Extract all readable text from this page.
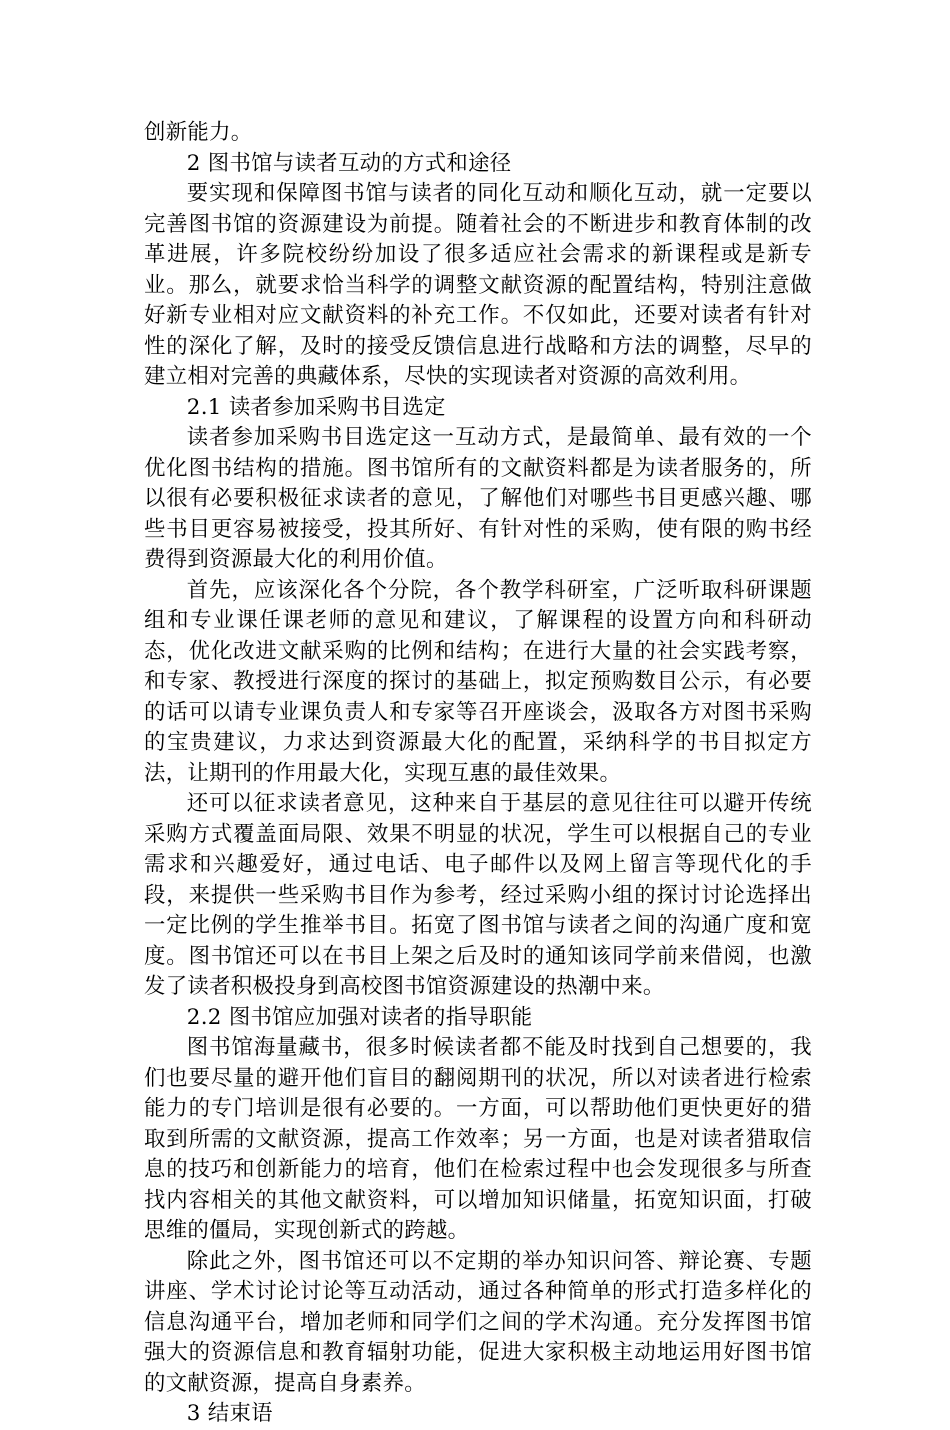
创新能力。

2 图书馆与读者互动的方式和途径

要实现和保障图书馆与读者的同化互动和顺化互动，就一定要以完善图书馆的资源建设为前提。随着社会的不断进步和教育体制的改革进展，许多院校纷纷加设了很多适应社会需求的新课程或是新专业。那么，就要求恰当科学的调整文献资源的配置结构，特别注意做好新专业相对应文献资料的补充工作。不仅如此，还要对读者有针对性的深化了解，及时的接受反馈信息进行战略和方法的调整，尽早的建立相对完善的典藏体系，尽快的实现读者对资源的高效利用。

2.1 读者参加采购书目选定

读者参加采购书目选定这一互动方式，是最简单、最有效的一个优化图书结构的措施。图书馆所有的文献资料都是为读者服务的，所以很有必要积极征求读者的意见，了解他们对哪些书目更感兴趣、哪些书目更容易被接受，投其所好、有针对性的采购，使有限的购书经费得到资源最大化的利用价值。

首先，应该深化各个分院，各个教学科研室，广泛听取科研课题组和专业课任课老师的意见和建议，了解课程的设置方向和科研动态，优化改进文献采购的比例和结构；在进行大量的社会实践考察，和专家、教授进行深度的探讨的基础上，拟定预购数目公示，有必要的话可以请专业课负责人和专家等召开座谈会，汲取各方对图书采购的宝贵建议，力求达到资源最大化的配置，采纳科学的书目拟定方法，让期刊的作用最大化，实现互惠的最佳效果。

还可以征求读者意见，这种来自于基层的意见往往可以避开传统采购方式覆盖面局限、效果不明显的状况，学生可以根据自己的专业需求和兴趣爱好，通过电话、电子邮件以及网上留言等现代化的手段，来提供一些采购书目作为参考，经过采购小组的探讨讨论选择出一定比例的学生推举书目。拓宽了图书馆与读者之间的沟通广度和宽度。图书馆还可以在书目上架之后及时的通知该同学前来借阅，也激发了读者积极投身到高校图书馆资源建设的热潮中来。

2.2 图书馆应加强对读者的指导职能

图书馆海量藏书，很多时候读者都不能及时找到自己想要的，我们也要尽量的避开他们盲目的翻阅期刊的状况，所以对读者进行检索能力的专门培训是很有必要的。一方面，可以帮助他们更快更好的猎取到所需的文献资源，提高工作效率；另一方面，也是对读者猎取信息的技巧和创新能力的培育，他们在检索过程中也会发现很多与所查找内容相关的其他文献资料，可以增加知识储量，拓宽知识面，打破思维的僵局，实现创新式的跨越。

除此之外，图书馆还可以不定期的举办知识问答、辩论赛、专题讲座、学术讨论讨论等互动活动，通过各种简单的形式打造多样化的信息沟通平台，增加老师和同学们之间的学术沟通。充分发挥图书馆强大的资源信息和教育辐射功能，促进大家积极主动地运用好图书馆的文献资源，提高自身素养。

3 结束语
